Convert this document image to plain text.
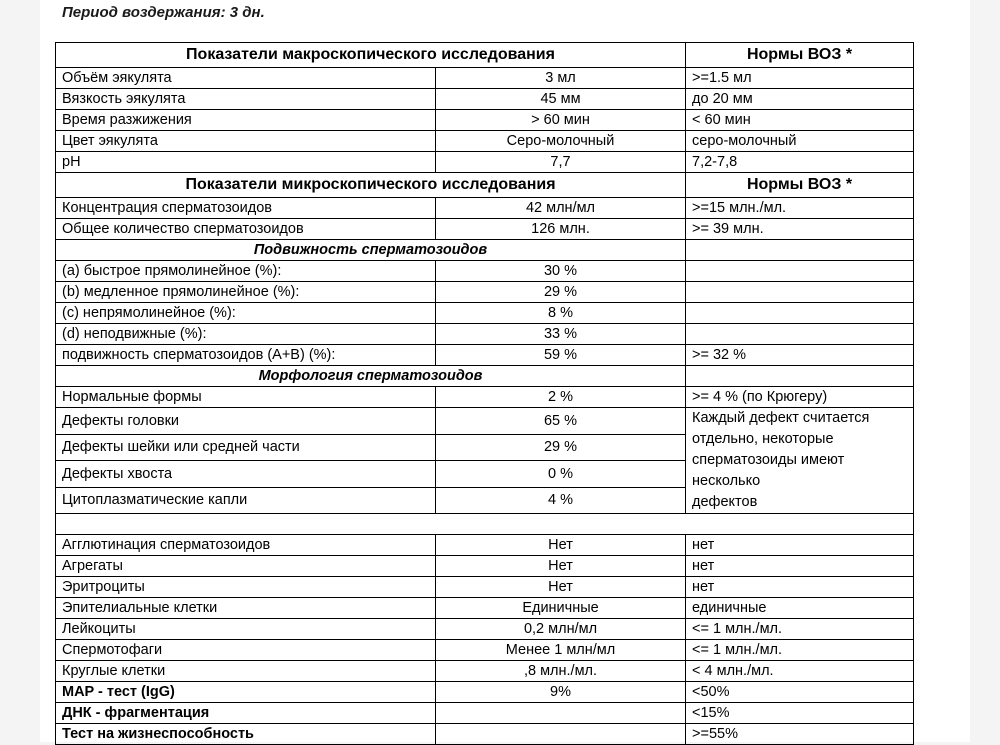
Период воздержания: 3 дн.
Показатели макроскопического исследования		Нормы ВОЗ *
Объём эякулята	3 мл	>=1.5 мл
Вязкость эякулята	45 мм	до 20 мм
Время разжижения	> 60 мин	< 60 мин
Цвет эякулята	Серо-молочный	серо-молочный
pH	7,7	7,2-7,8
Показатели микроскопического исследования		Нормы ВОЗ *
Концентрация сперматозоидов	42 млн/мл	>=15 млн./мл.
Общее количество сперматозоидов	126 млн.	>= 39 млн.
Подвижность сперматозоидов		
(a) быстрое прямолинейное (%):	30 %	
(b) медленное прямолинейное (%):	29 %	
(c) непрямолинейное (%):	8 %	
(d) неподвижные (%):	33 %	
подвижность сперматозоидов (A+B) (%):	59 %	>= 32 %
Морфология сперматозоидов		
Нормальные формы	2 %	>= 4 % (по Крюгеру)
Дефекты головки	65 %	Каждый дефект считается
отдельно, некоторые
сперматозоиды имеют несколько
дефектов

Дефекты шейки или средней части	29 %	
Дефекты хвоста	0 %	
Цитоплазматические капли	4 %	

Агглютинация сперматозоидов	Нет	нет
Агрегаты	Нет	нет
Эритроциты	Нет	нет
Эпителиальные клетки	Единичные	единичные
Лейкоциты	0,2 млн/мл	<= 1 млн./мл.
Спермотофаги	Менее 1 млн/мл	<= 1 млн./мл.
Круглые клетки	,8 млн./мл.	< 4 млн./мл.
MAP - тест (IgG)	9%	<50%
ДНК - фрагментация		<15%
Тест на жизнеспособность		>=55%
